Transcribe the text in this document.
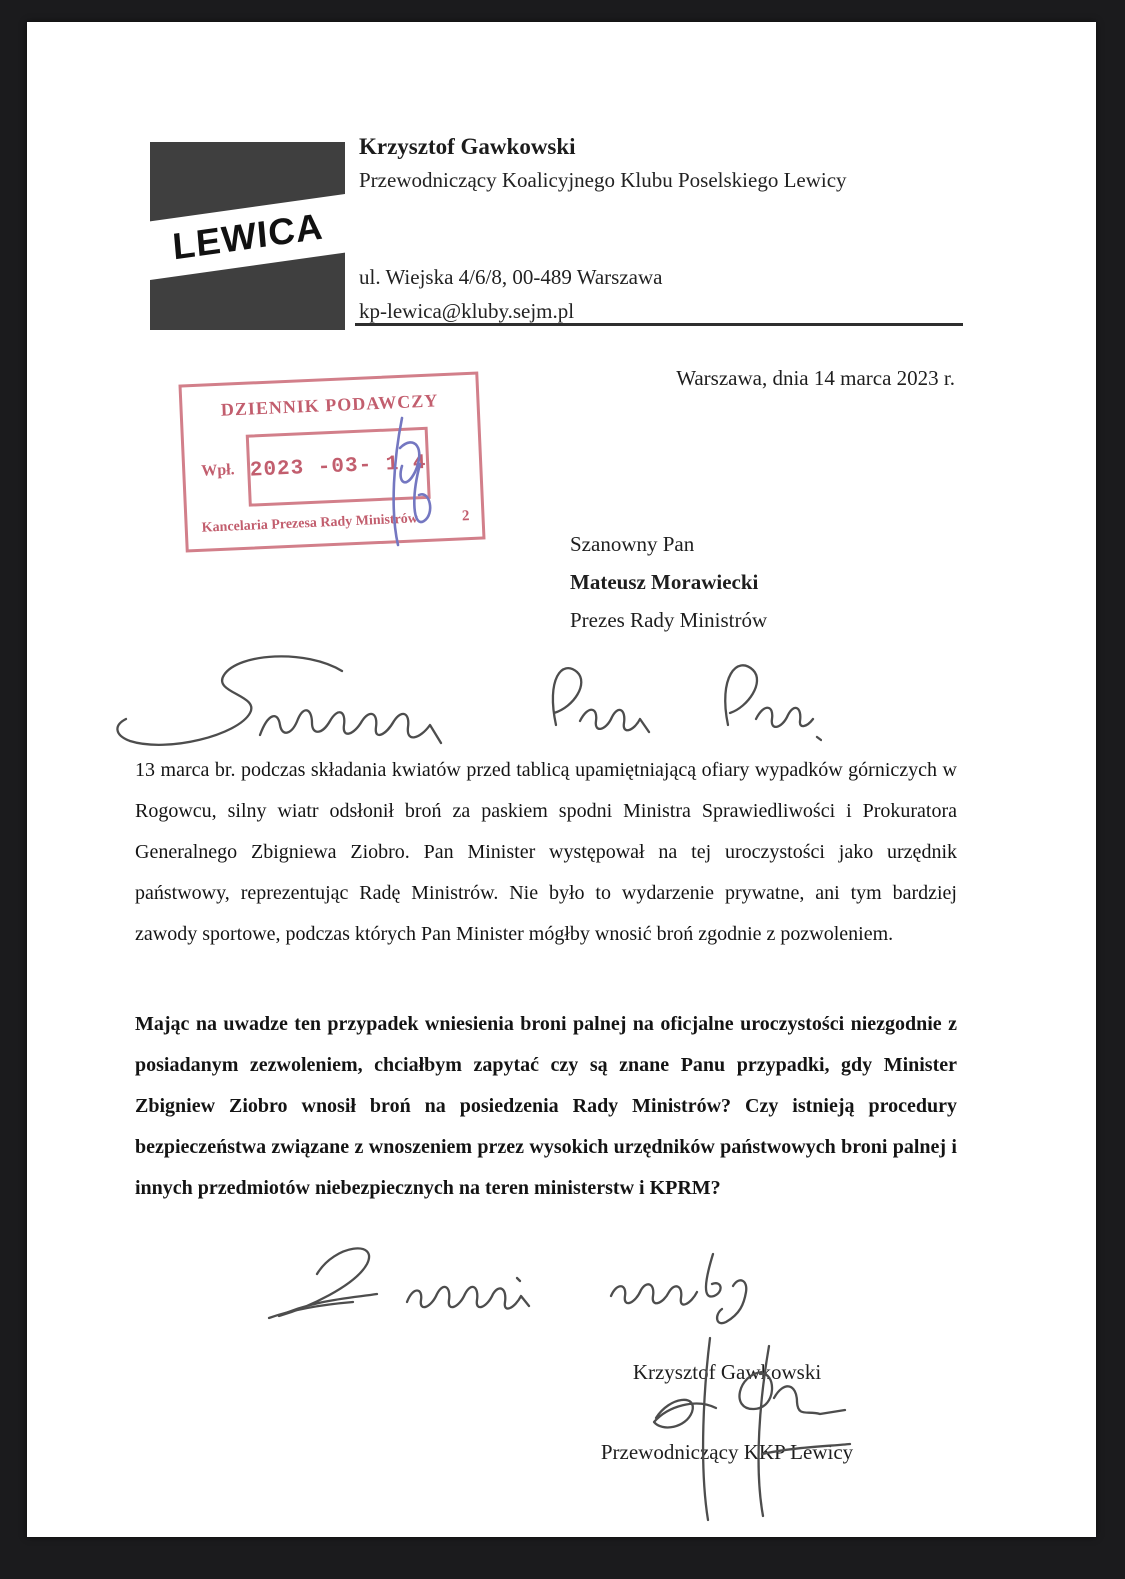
LEWICA
Krzysztof Gawkowski
Przewodniczący Koalicyjnego Klubu Poselskiego Lewicy
ul. Wiejska 4/6/8, 00-489 Warszawa
kp-lewica@kluby.sejm.pl
Warszawa, dnia 14 marca 2023 r.
DZIENNIK PODAWCZY
Wpł. 2023 -03- 1 4
Kancelaria Prezesa Rady Ministrów	2
Szanowny Pan
Mateusz Morawiecki
Prezes Rady Ministrów
13 marca br. podczas składania kwiatów przed tablicą upamiętniającą ofiary wypadków górniczych w Rogowcu, silny wiatr odsłonił broń za paskiem spodni Ministra Sprawiedliwości i Prokuratora Generalnego Zbigniewa Ziobro. Pan Minister występował na tej uroczystości jako urzędnik państwowy, reprezentując Radę Ministrów. Nie było to wydarzenie prywatne, ani tym bardziej zawody sportowe, podczas których Pan Minister mógłby wnosić broń zgodnie z pozwoleniem.
Mając na uwadze ten przypadek wniesienia broni palnej na oficjalne uroczystości niezgodnie z posiadanym zezwoleniem, chciałbym zapytać czy są znane Panu przypadki, gdy Minister Zbigniew Ziobro wnosił broń na posiedzenia Rady Ministrów? Czy istnieją procedury bezpieczeństwa związane z wnoszeniem przez wysokich urzędników państwowych broni palnej i innych przedmiotów niebezpiecznych na teren ministerstw i KPRM?
Krzysztof Gawkowski
Przewodniczący KKP Lewicy
